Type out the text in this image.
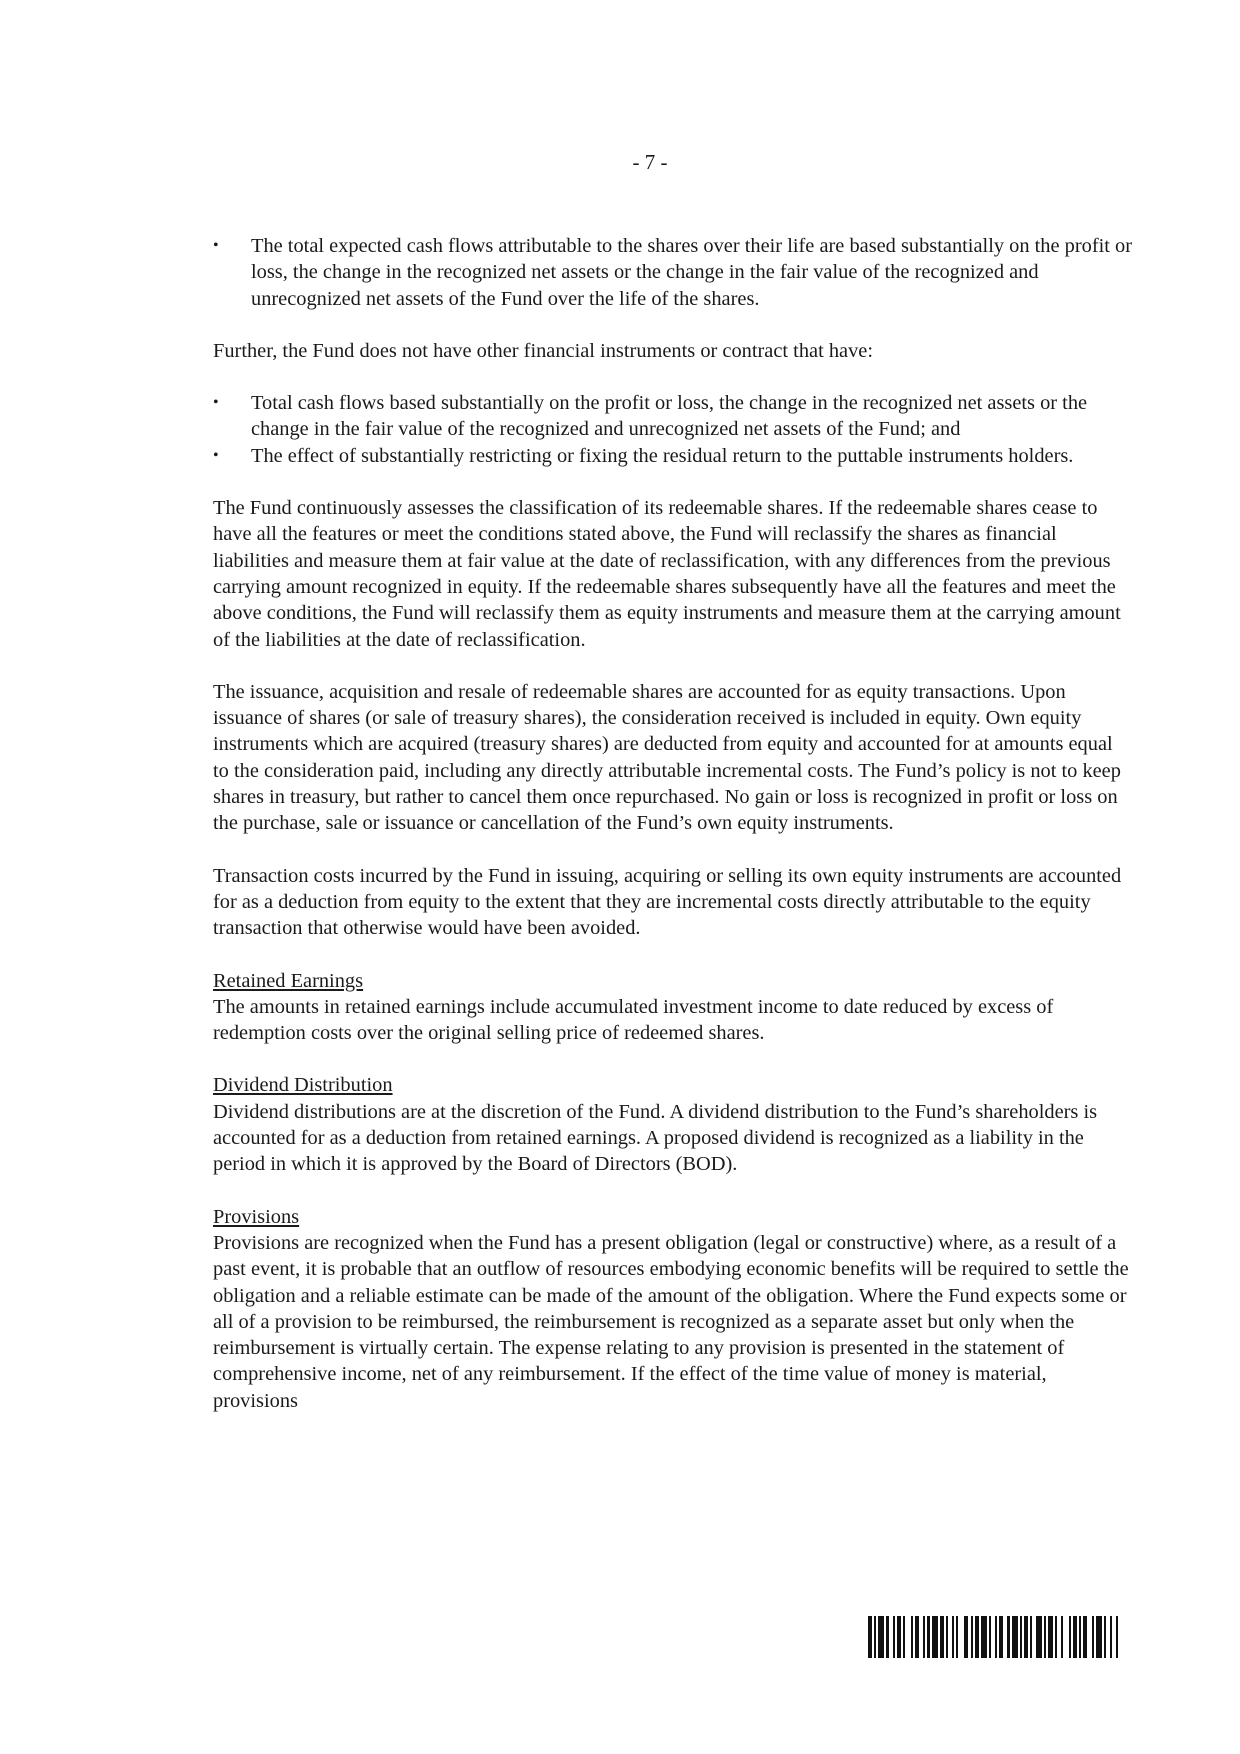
- 7 -
• The total expected cash flows attributable to the shares over their life are based substantially on the profit or loss, the change in the recognized net assets or the change in the fair value of the recognized and unrecognized net assets of the Fund over the life of the shares.

Further, the Fund does not have other financial instruments or contract that have:

• Total cash flows based substantially on the profit or loss, the change in the recognized net assets or the change in the fair value of the recognized and unrecognized net assets of the Fund; and
• The effect of substantially restricting or fixing the residual return to the puttable instruments holders.

The Fund continuously assesses the classification of its redeemable shares. If the redeemable shares cease to have all the features or meet the conditions stated above, the Fund will reclassify the shares as financial liabilities and measure them at fair value at the date of reclassification, with any differences from the previous carrying amount recognized in equity. If the redeemable shares subsequently have all the features and meet the above conditions, the Fund will reclassify them as equity instruments and measure them at the carrying amount of the liabilities at the date of reclassification.

The issuance, acquisition and resale of redeemable shares are accounted for as equity transactions. Upon issuance of shares (or sale of treasury shares), the consideration received is included in equity. Own equity instruments which are acquired (treasury shares) are deducted from equity and accounted for at amounts equal to the consideration paid, including any directly attributable incremental costs. The Fund’s policy is not to keep shares in treasury, but rather to cancel them once repurchased. No gain or loss is recognized in profit or loss on the purchase, sale or issuance or cancellation of the Fund’s own equity instruments.

Transaction costs incurred by the Fund in issuing, acquiring or selling its own equity instruments are accounted for as a deduction from equity to the extent that they are incremental costs directly attributable to the equity transaction that otherwise would have been avoided.

Retained Earnings

The amounts in retained earnings include accumulated investment income to date reduced by excess of redemption costs over the original selling price of redeemed shares.

Dividend Distribution

Dividend distributions are at the discretion of the Fund. A dividend distribution to the Fund’s shareholders is accounted for as a deduction from retained earnings. A proposed dividend is recognized as a liability in the period in which it is approved by the Board of Directors (BOD).

Provisions

Provisions are recognized when the Fund has a present obligation (legal or constructive) where, as a result of a past event, it is probable that an outflow of resources embodying economic benefits will be required to settle the obligation and a reliable estimate can be made of the amount of the obligation. Where the Fund expects some or all of a provision to be reimbursed, the reimbursement is recognized as a separate asset but only when the reimbursement is virtually certain. The expense relating to any provision is presented in the statement of comprehensive income, net of any reimbursement. If the effect of the time value of money is material, provisions
